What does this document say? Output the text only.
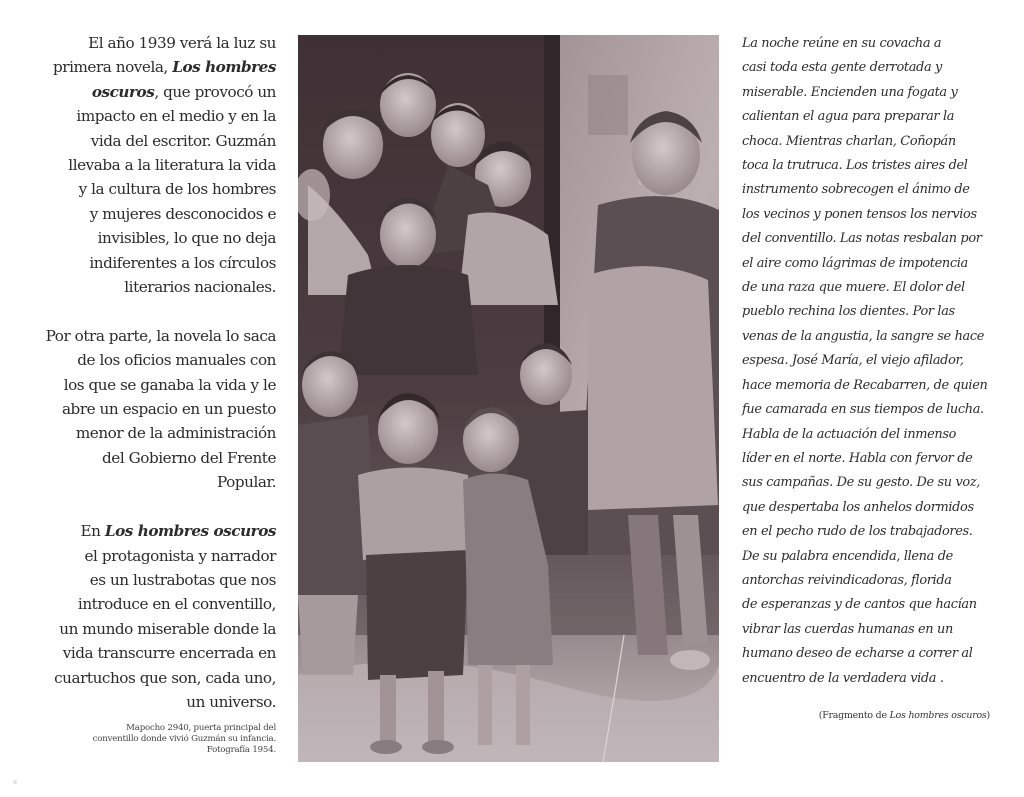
El año 1939 verá la luz su
primera novela, Los hombres
oscuros, que provocó un
impacto en el medio y en la
vida del escritor. Guzmán
llevaba a la literatura la vida
y la cultura de los hombres
y mujeres desconocidos e
invisibles, lo que no deja
indiferentes a los círculos
literarios nacionales.

Por otra parte, la novela lo saca
de los oficios manuales con
los que se ganaba la vida y le
abre un espacio en un puesto
menor de la administración
del Gobierno del Frente
Popular.

En Los hombres oscuros
el protagonista y narrador
es un lustrabotas que nos
introduce en el conventillo,
un mundo miserable donde la
vida transcurre encerrada en
cuartuchos que son, cada uno,
un universo.

Mapocho 2940, puerta principal del
conventillo donde vivió Guzmán su infancia.
Fotografía 1954.
La noche reúne en su covacha a
casi toda esta gente derrotada y
miserable. Encienden una fogata y
calientan el agua para preparar la
choca. Mientras charlan, Coñopán
toca la trutruca. Los tristes aires del
instrumento sobrecogen el ánimo de
los vecinos y ponen tensos los nervios
del conventillo. Las notas resbalan por
el aire como lágrimas de impotencia
de una raza que muere. El dolor del
pueblo rechina los dientes. Por las
venas de la angustia, la sangre se hace
espesa. José María, el viejo afilador,
hace memoria de Recabarren, de quien
fue camarada en sus tiempos de lucha.
Habla de la actuación del inmenso
líder en el norte. Habla con fervor de
sus campañas. De su gesto. De su voz,
que despertaba los anhelos dormidos
en el pecho rudo de los trabajadores.
De su palabra encendida, llena de
antorchas reivindicadoras, florida
de esperanzas y de cantos que hacían
vibrar las cuerdas humanas en un
humano deseo de echarse a correr al
encuentro de la verdadera vida .
(Fragmento de Los hombres oscuros)
